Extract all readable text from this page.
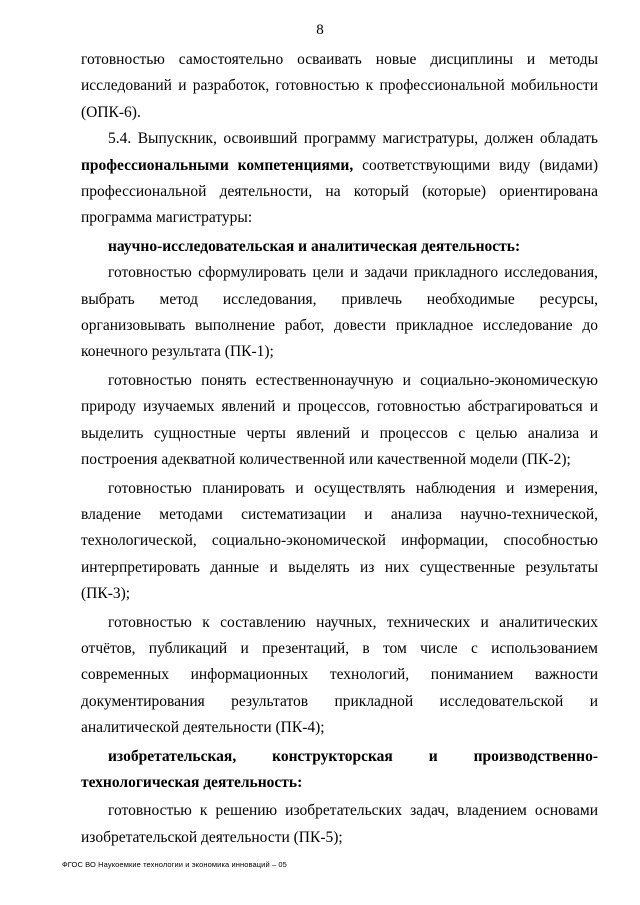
8

готовностью самостоятельно осваивать новые дисциплины и методы исследований и разработок, готовностью к профессиональной мобильности (ОПК-6).

5.4. Выпускник, освоивший программу магистратуры, должен обладать профессиональными компетенциями, соответствующими виду (видами) профессиональной деятельности, на который (которые) ориентирована программа магистратуры:

научно-исследовательская и аналитическая деятельность:

готовностью сформулировать цели и задачи прикладного исследования, выбрать метод исследования, привлечь необходимые ресурсы, организовывать выполнение работ, довести прикладное исследование до конечного результата (ПК-1);

готовностью понять естественнонаучную и социально-экономическую природу изучаемых явлений и процессов, готовностью абстрагироваться и выделить сущностные черты явлений и процессов с целью анализа и построения адекватной количественной или качественной модели (ПК-2);

готовностью планировать и осуществлять наблюдения и измерения, владение методами систематизации и анализа научно-технической, технологической, социально-экономической информации, способностью интерпретировать данные и выделять из них существенные результаты (ПК-3);

готовностью к составлению научных, технических и аналитических отчётов, публикаций и презентаций, в том числе с использованием современных информационных технологий, пониманием важности документирования результатов прикладной исследовательской и аналитической деятельности (ПК-4);

изобретательская, конструкторская и производственно-технологическая деятельность:

готовностью к решению изобретательских задач, владением основами изобретательской деятельности (ПК-5);

ФГОС ВО Наукоемкие технологии и экономика инноваций – 05
